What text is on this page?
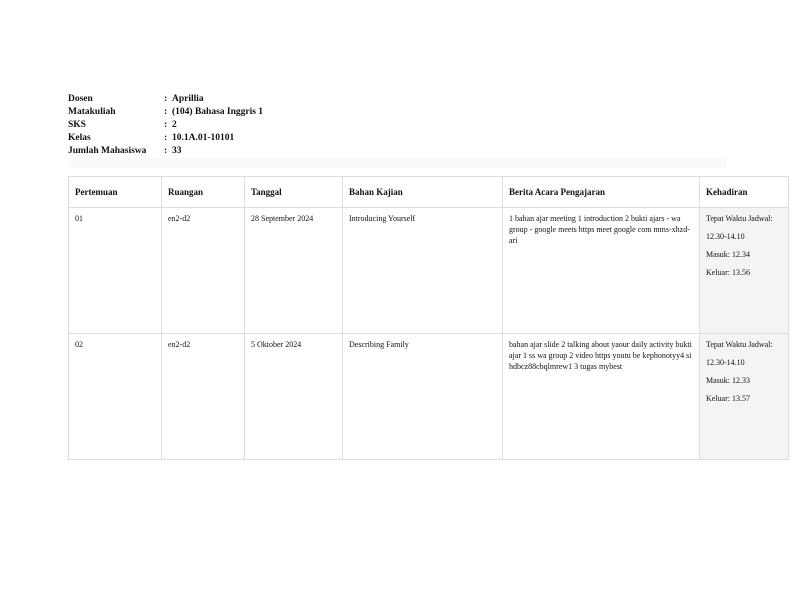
Dosen	: Aprillia
Matakuliah	: (104) Bahasa Inggris 1
SKS	: 2
Kelas	: 10.1A.01-10101
Jumlah Mahasiswa	: 33
Pertemuan	Ruangan	Tanggal	Bahan Kajian	Berita Acara Pengajaran	Kehadiran
01	en2-d2	28 September 2024	Introducing Yourself	1 bahan ajar meeting 1 introduction 2 bukti ajars - wa group - google meets https meet google com mms-xhzd-ari	Tepat Waktu Jadwal:

12.30-14.10

Masuk: 12.34

Keluar: 13.56

02	en2-d2	5 Oktober 2024	Describing Family	bahan ajar slide 2 talking about yaour daily activity bukti ajar 1 ss wa group 2 video https youtu be kephonotyy4 si hdbcz88cbqlmrew1 3 tugas mybest	Tepat Waktu Jadwal:

12.30-14.10

Masuk: 12.33

Keluar: 13.57
